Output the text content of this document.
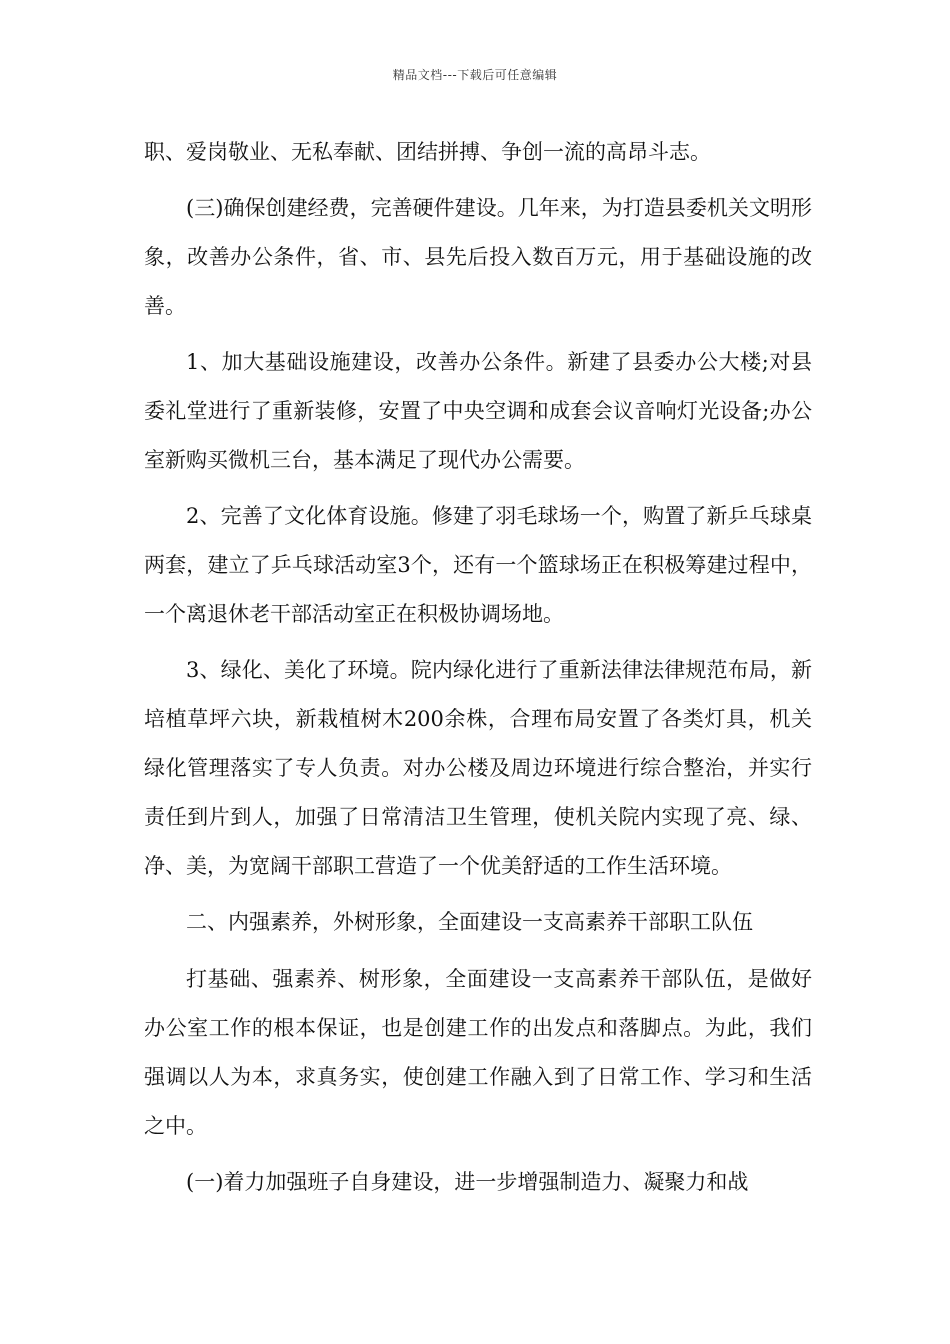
精品文档---下载后可任意编辑

职、爱岗敬业、无私奉献、团结拼搏、争创一流的高昂斗志。

(三)确保创建经费，完善硬件建设。几年来，为打造县委机关文明形象，改善办公条件，省、市、县先后投入数百万元，用于基础设施的改善。

1、加大基础设施建设，改善办公条件。新建了县委办公大楼;对县委礼堂进行了重新装修，安置了中央空调和成套会议音响灯光设备;办公室新购买微机三台，基本满足了现代办公需要。

2、完善了文化体育设施。修建了羽毛球场一个，购置了新乒乓球桌两套，建立了乒乓球活动室3个，还有一个篮球场正在积极筹建过程中，一个离退休老干部活动室正在积极协调场地。

3、绿化、美化了环境。院内绿化进行了重新法律法律规范布局，新培植草坪六块，新栽植树木200余株，合理布局安置了各类灯具，机关绿化管理落实了专人负责。对办公楼及周边环境进行综合整治，并实行责任到片到人，加强了日常清洁卫生管理，使机关院内实现了亮、绿、净、美，为宽阔干部职工营造了一个优美舒适的工作生活环境。

二、内强素养，外树形象，全面建设一支高素养干部职工队伍

打基础、强素养、树形象，全面建设一支高素养干部队伍，是做好办公室工作的根本保证，也是创建工作的出发点和落脚点。为此，我们强调以人为本，求真务实，使创建工作融入到了日常工作、学习和生活之中。

(一)着力加强班子自身建设，进一步增强制造力、凝聚力和战
